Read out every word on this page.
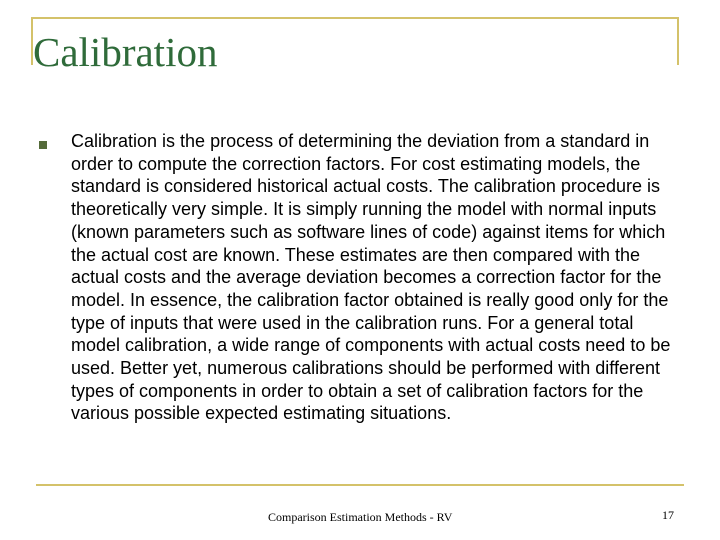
Calibration
Calibration is the process of determining the deviation from a standard in order to compute the correction factors. For cost estimating models, the standard is considered historical actual costs. The calibration procedure is theoretically very simple. It is simply running the model with normal inputs (known parameters such as software lines of code) against items for which the actual cost are known. These estimates are then compared with the actual costs and the average deviation becomes a correction factor for the model. In essence, the calibration factor obtained is really good only for the type of inputs that were used in the calibration runs. For a general total model calibration, a wide range of components with actual costs need to be used. Better yet, numerous calibrations should be performed with different types of components in order to obtain a set of calibration factors for the various possible expected estimating situations.
Comparison Estimation Methods - RV	17
